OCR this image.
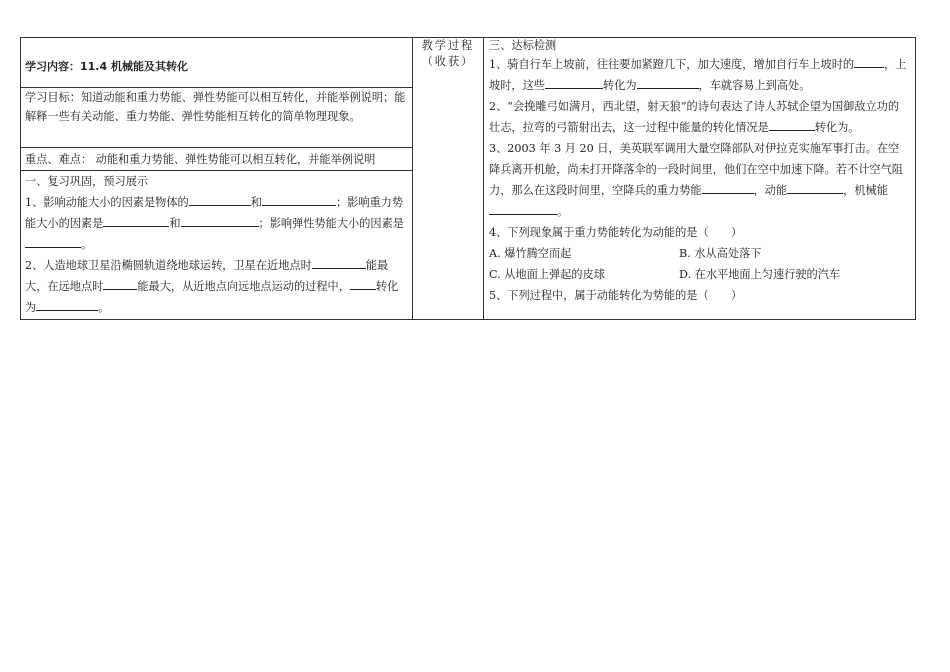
学习内容：11.4 机械能及其转化
学习目标：知道动能和重力势能、弹性势能可以相互转化，并能举例说明；能解释一些有关动能、重力势能、弹性势能相互转化的简单物理现象。
重点、难点： 动能和重力势能、弹性势能可以相互转化，并能举例说明

一、复习巩固，预习展示

1、影响动能大小的因素是物体的	和	；影响重力势能大小的因素是	和	；影响弹性势能大小的因素是。

2、人造地球卫星沿椭圆轨道绕地球运转，卫星在近地点时	能最大，在远地点时	能最大，从近地点向远地点运动的过程中， 转化为	。

教学过程

（收获）

三、达标检测

1、骑自行车上坡前，往往要加紧蹬几下，加大速度，增加自行车上坡时的	，上坡时，这些	转化为	，车就容易上到高处。

2、“会挽雕弓如满月，西北望，射天狼”的诗句表达了诗人苏轼企望为国御敌立功的壮志，拉弯的弓箭射出去，这一过程中能量的转化情况是	转化为。

3、2003 年 3 月 20 日，美英联军调用大量空降部队对伊拉克实施军事打击。在空降兵离开机舱，尚未打开降落伞的一段时间里，他们在空中加速下降。若不计空气阻力，那么在这段时间里，空降兵的重力势能	，动能	，机械能。

4、下列现象属于重力势能转化为动能的是（　　）

A. 爆竹腾空而起	B. 水从高处落下
C. 从地面上弹起的皮球	D. 在水平地面上匀速行驶的汽车

5、下列过程中，属于动能转化为势能的是（　　）
